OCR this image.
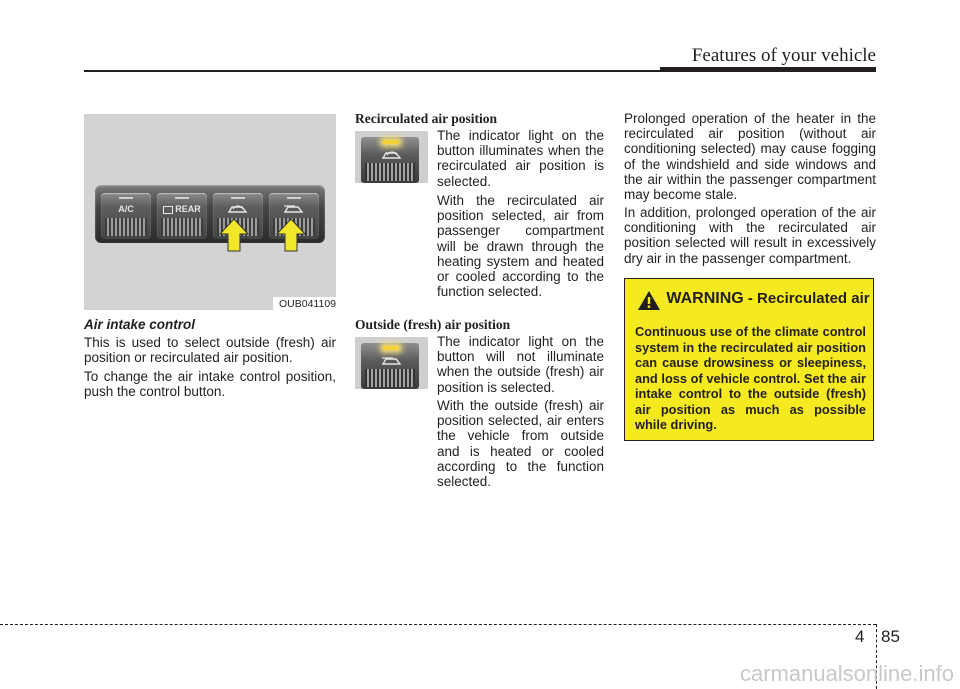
Features of your vehicle
A/C	REAR
OUB041109
Air intake control
This is used to select outside (fresh) air position or recirculated air position.
To change the air intake control position, push the control button.
Recirculated air position
The indicator light on the button illuminates when the recirculated air position is selected.
With the recirculated air position selected, air from passenger compartment will be drawn through the heating system and heated or cooled according to the function selected.
Outside (fresh) air position
The indicator light on the button will not illuminate when the outside (fresh) air position is selected.
With the outside (fresh) air position selected, air enters the vehicle from outside and is heated or cooled according to the function selected.
Prolonged operation of the heater in the recirculated air position (without air conditioning selected) may cause fogging of the windshield and side windows and the air within the passenger compartment may become stale.
In addition, prolonged operation of the air conditioning with the recirculated air position selected will result in excessively dry air in the passenger compartment.
WARNING - Recirculated air
Continuous use of the climate control system in the recirculated air position can cause drowsiness or sleepiness, and loss of vehicle control. Set the air intake control to the outside (fresh) air position as much as possible while driving.
4 85
carmanualsonline.info
